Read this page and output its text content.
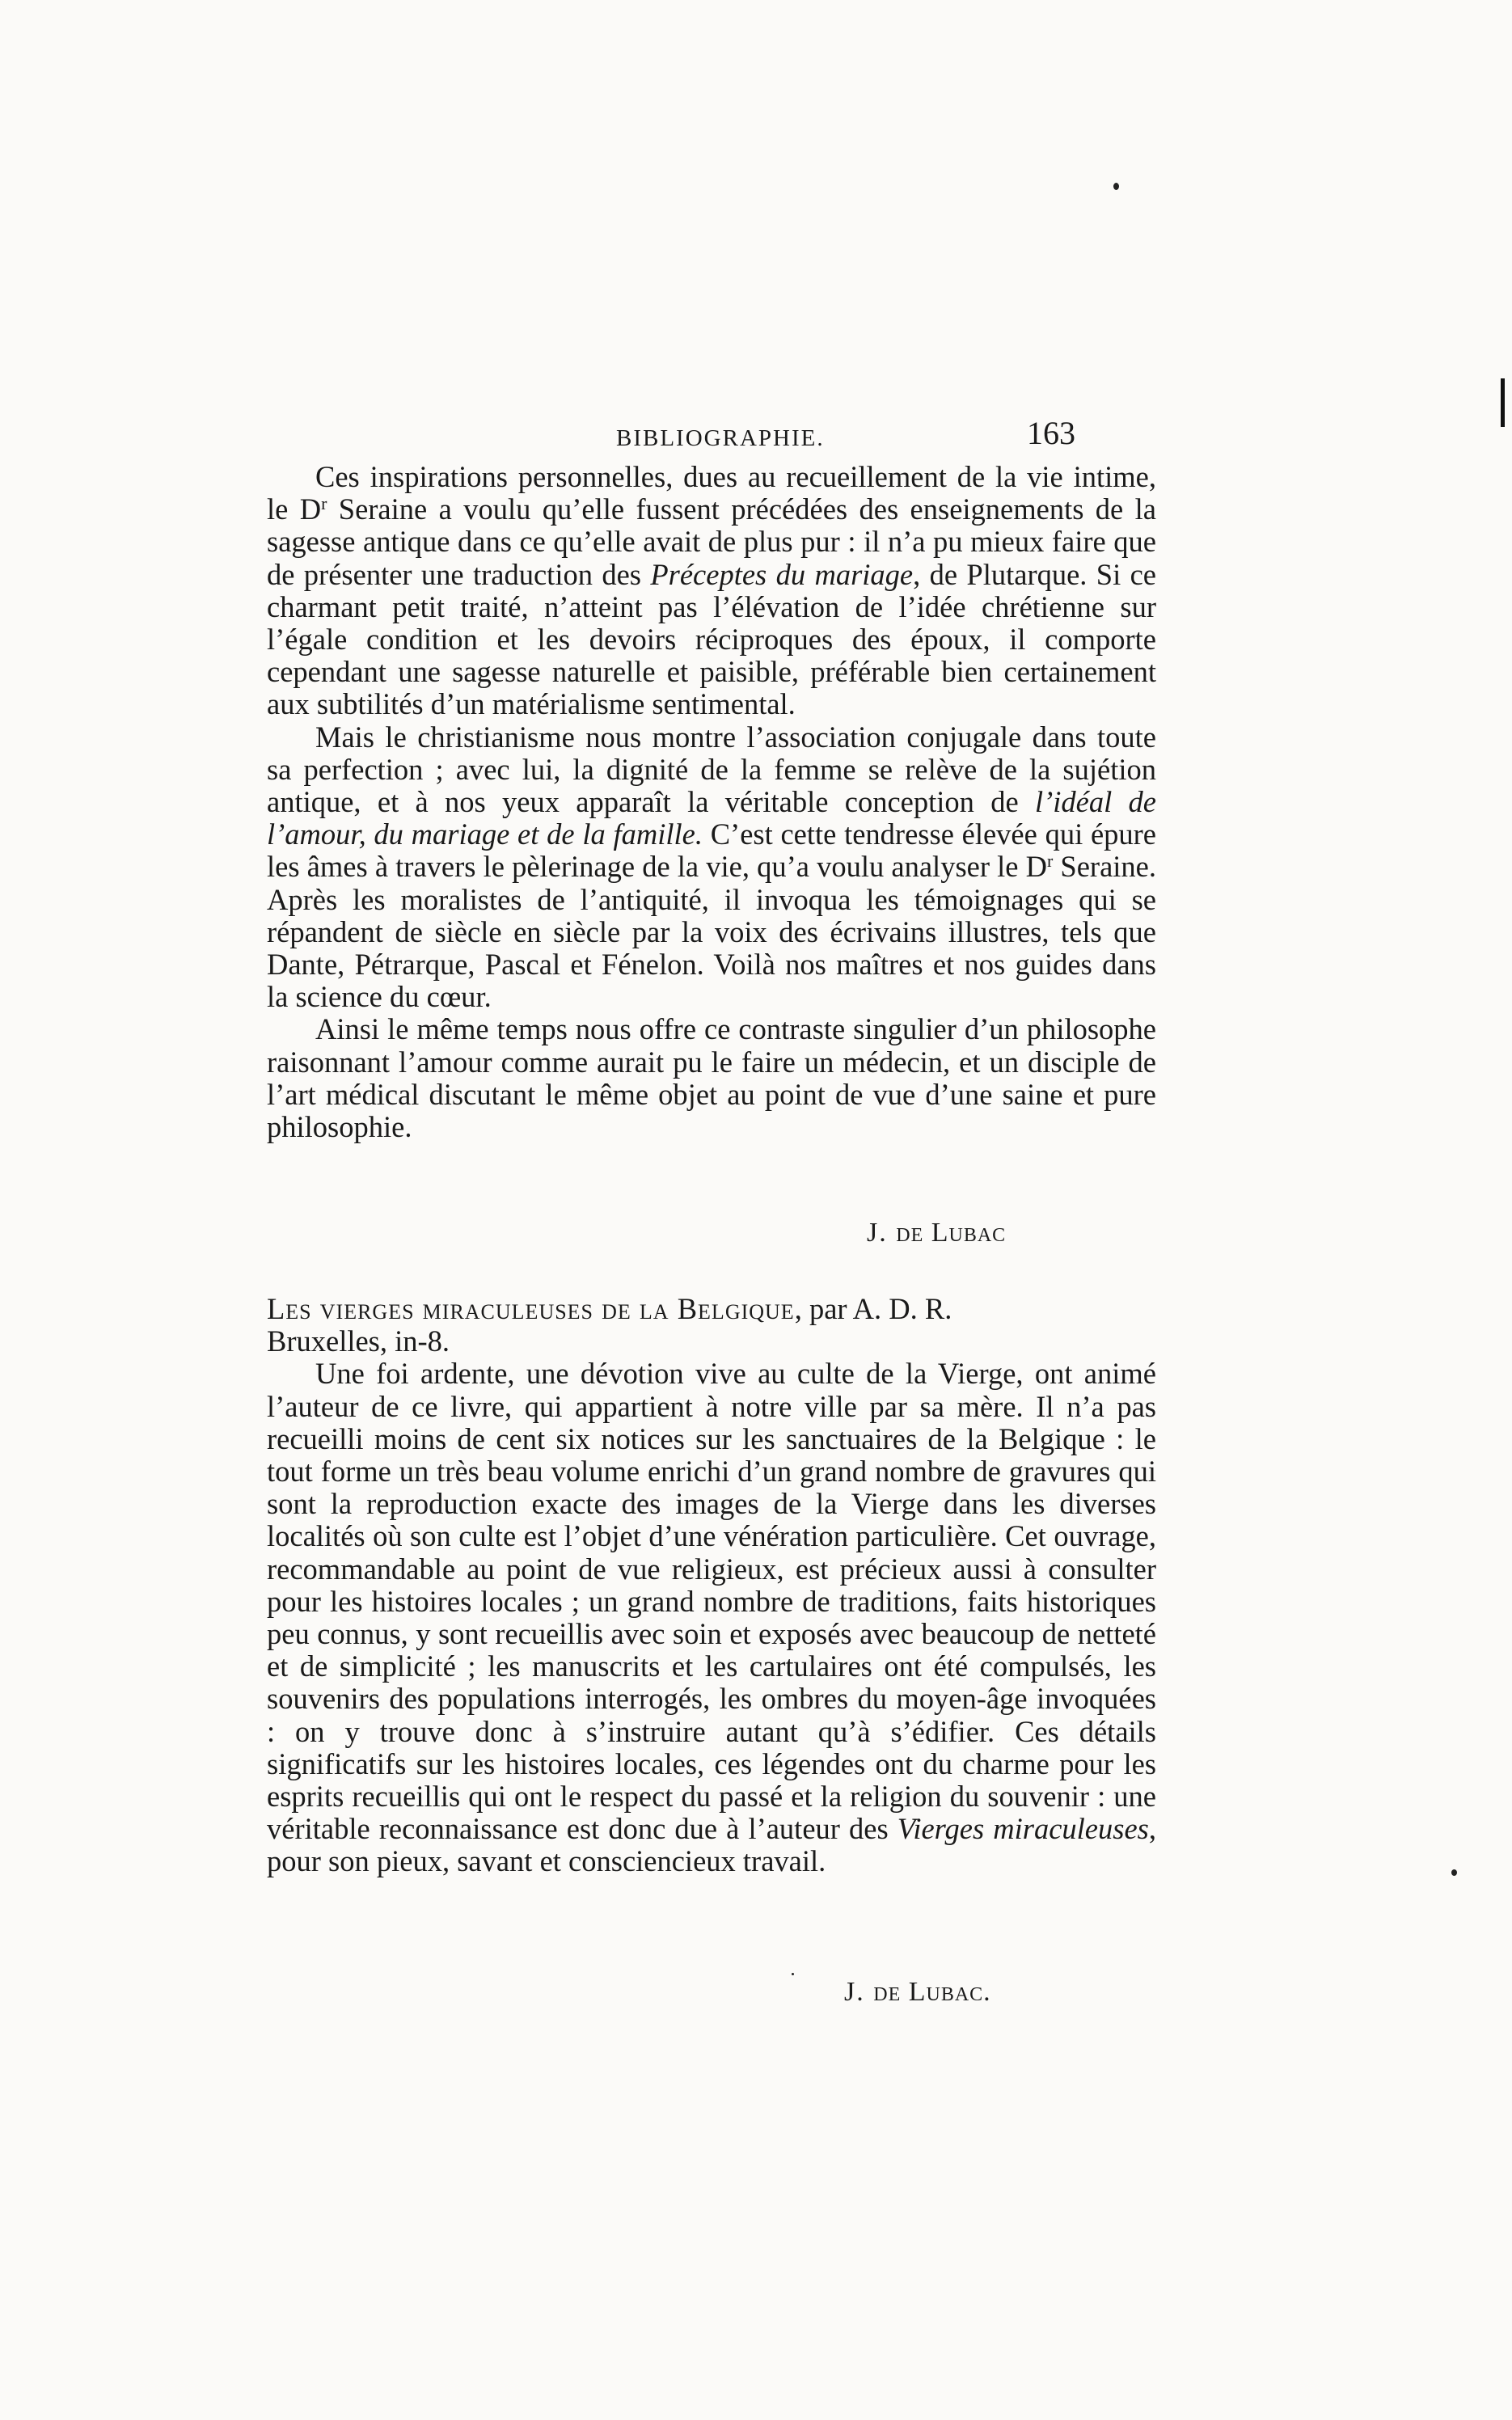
BIBLIOGRAPHIE.	163

Ces inspirations personnelles, dues au recueillement de la vie intime, le $D^r$ Seraine a voulu qu’elle fussent précédées des enseignements de la sagesse antique dans ce qu’elle avait de plus pur : il n’a pu mieux faire que de présenter une traduction des Préceptes du mariage, de Plutarque. Si ce charmant petit traité, n’atteint pas l’élévation de l’idée chrétienne sur l’égale condition et les devoirs réciproques des époux, il comporte cependant une sagesse naturelle et paisible, préférable bien certainement aux subtilités d’un matérialisme sentimental.

Mais le christianisme nous montre l’association conjugale dans toute sa perfection ; avec lui, la dignité de la femme se relève de la sujétion antique, et à nos yeux apparaît la véritable conception de l’idéal de l’amour, du mariage et de la famille. C’est cette tendresse élevée qui épure les âmes à travers le pèlerinage de la vie, qu’a voulu analyser le $D^r$ Seraine. Après les moralistes de l’antiquité, il invoqua les témoignages qui se répandent de siècle en siècle par la voix des écrivains illustres, tels que Dante, Pétrarque, Pascal et Fénelon. Voilà nos maîtres et nos guides dans la science du cœur.

Ainsi le même temps nous offre ce contraste singulier d’un philosophe raisonnant l’amour comme aurait pu le faire un médecin, et un disciple de l’art médical discutant le même objet au point de vue d’une saine et pure philosophie.

J. de Lubac

Les vierges miraculeuses de la Belgique, par A. D. R.
Bruxelles, in-8.

Une foi ardente, une dévotion vive au culte de la Vierge, ont animé l’auteur de ce livre, qui appartient à notre ville par sa mère. Il n’a pas recueilli moins de cent six notices sur les sanctuaires de la Belgique : le tout forme un très beau volume enrichi d’un grand nombre de gravures qui sont la reproduction exacte des images de la Vierge dans les diverses localités où son culte est l’objet d’une vénération particulière. Cet ouvrage, recommandable au point de vue religieux, est précieux aussi à consulter pour les histoires locales ; un grand nombre de traditions, faits historiques peu connus, y sont recueillis avec soin et exposés avec beaucoup de netteté et de simplicité ; les manuscrits et les cartulaires ont été compulsés, les souvenirs des populations interrogés, les ombres du moyen-âge invoquées : on y trouve donc à s’instruire autant qu’à s’édifier. Ces détails significatifs sur les histoires locales, ces légendes ont du charme pour les esprits recueillis qui ont le respect du passé et la religion du souvenir : une véritable reconnaissance est donc due à l’auteur des Vierges miraculeuses, pour son pieux, savant et consciencieux travail.

J. de Lubac.
